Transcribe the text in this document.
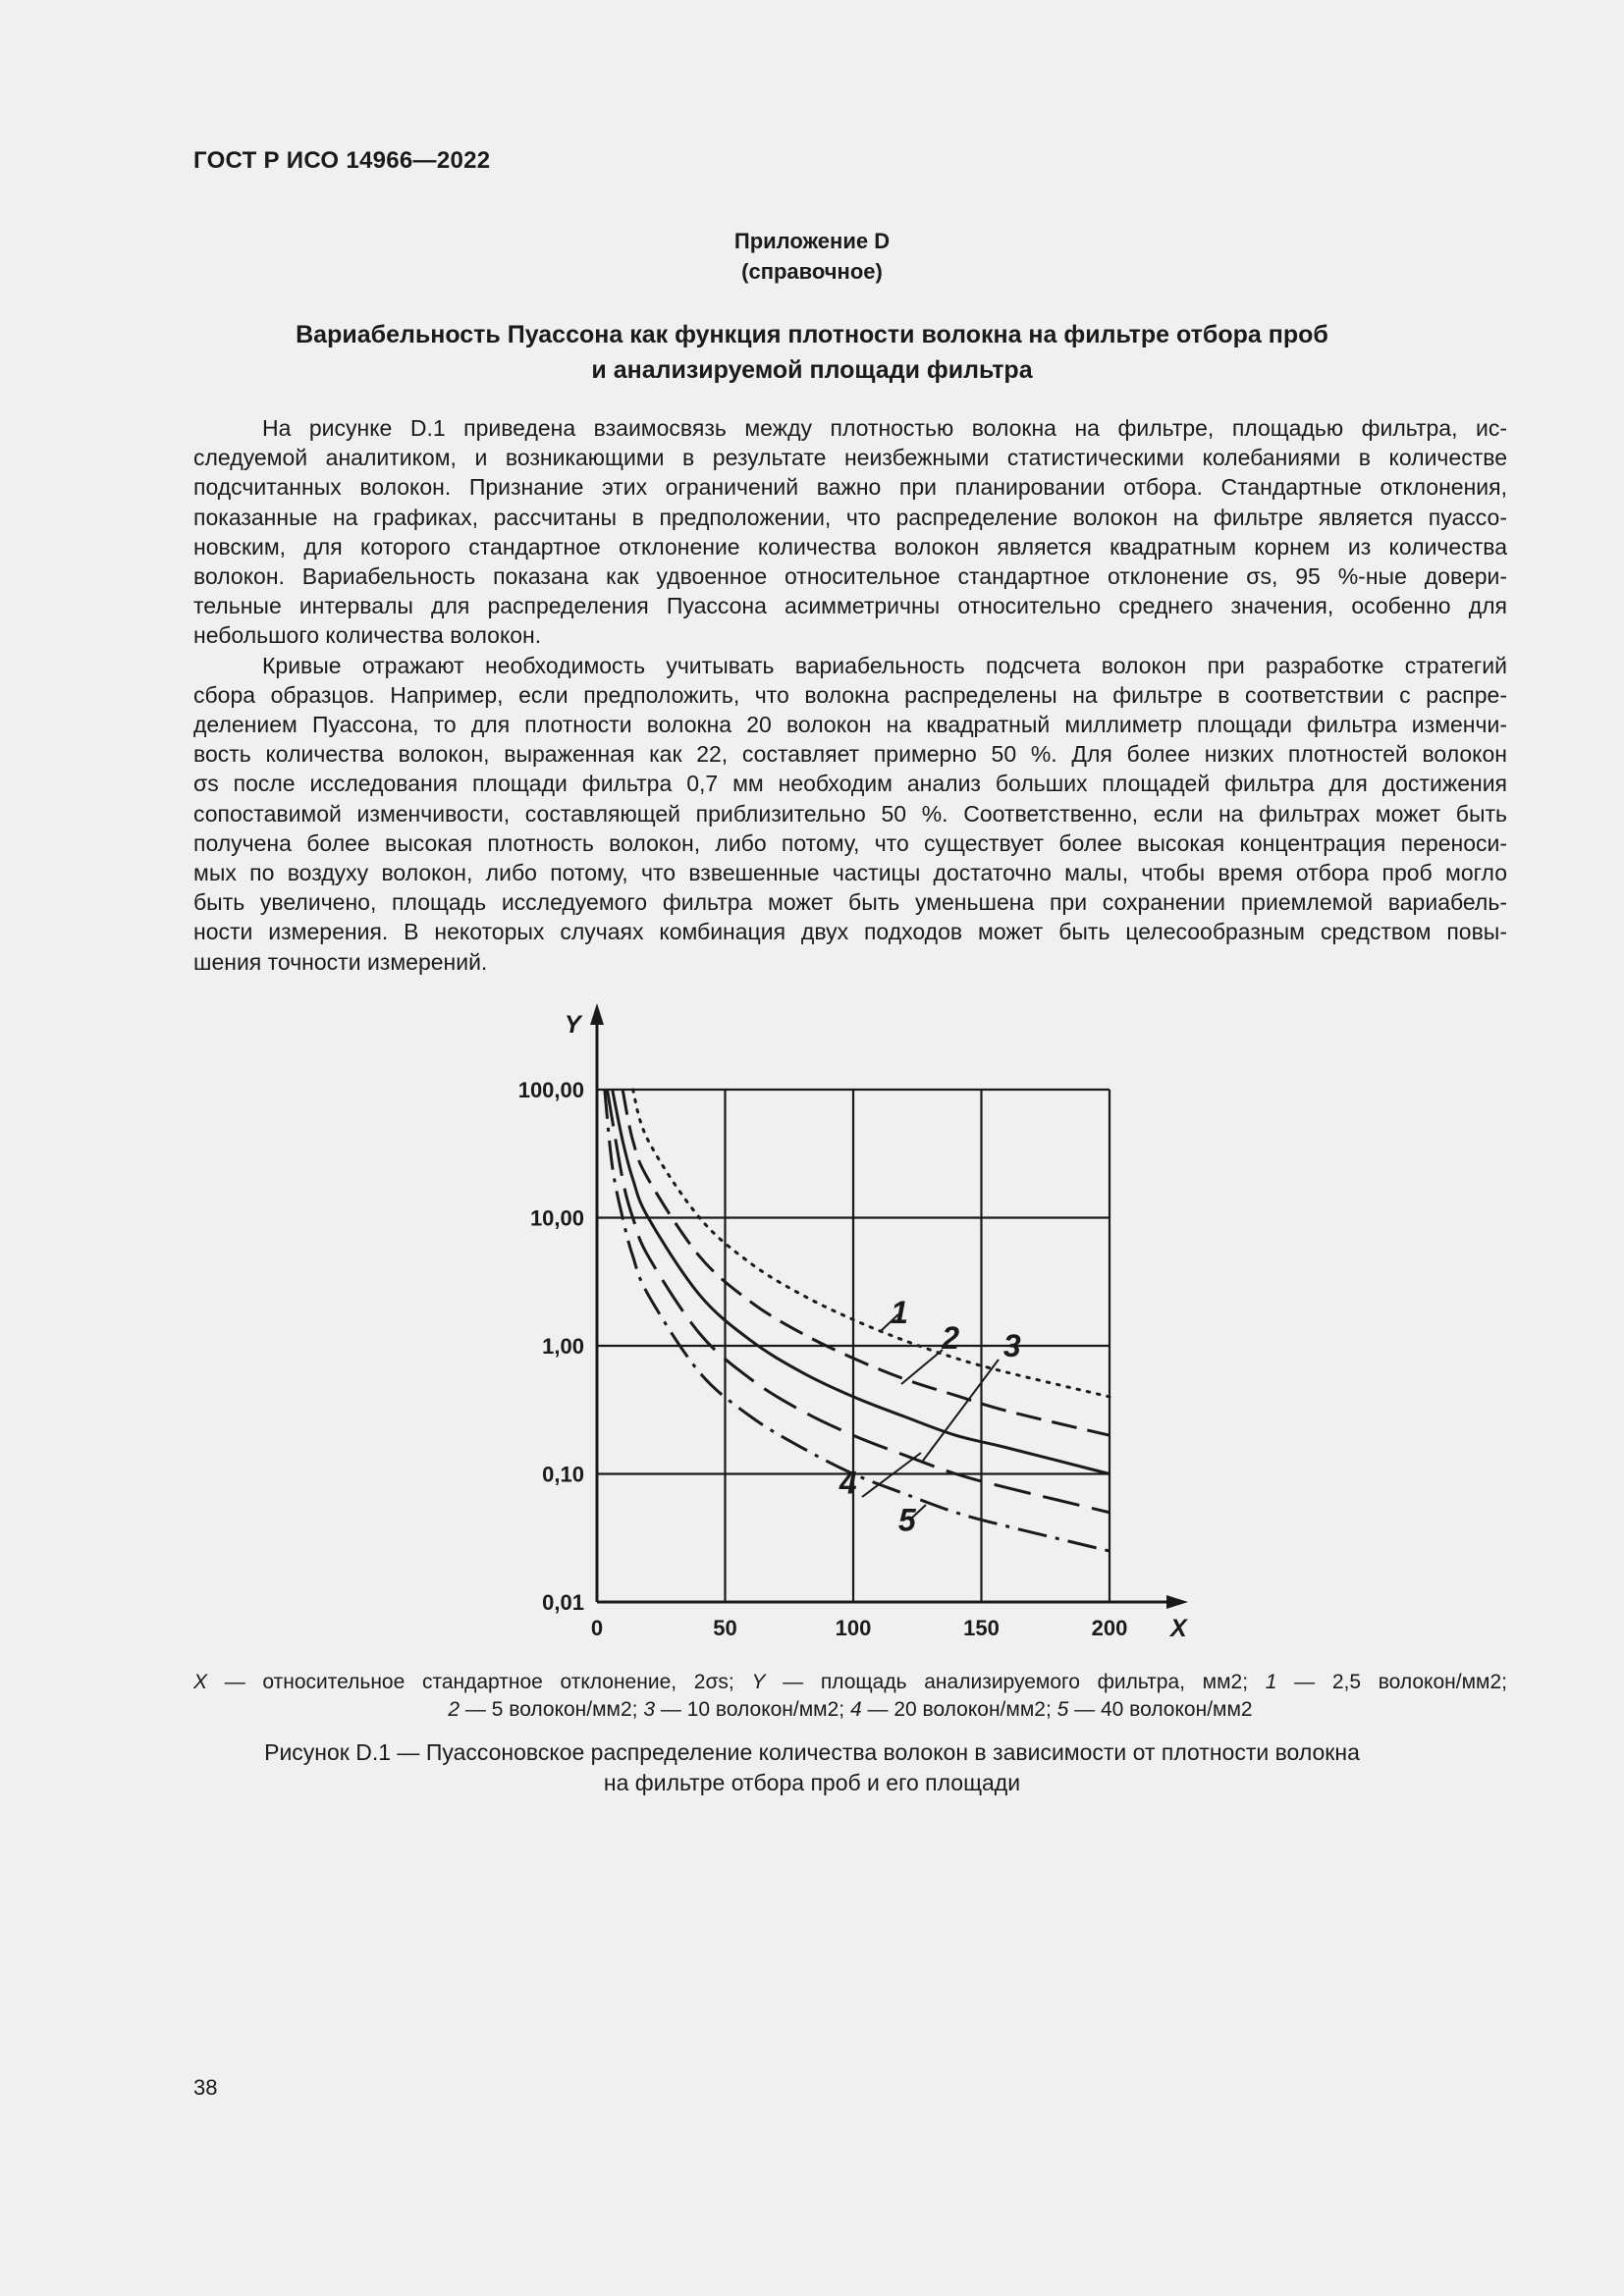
ГОСТ Р ИСО 14966—2022
Приложение D
(справочное)
Вариабельность Пуассона как функция плотности волокна на фильтре отбора проб
и анализируемой площади фильтра

На рисунке D.1 приведена взаимосвязь между плотностью волокна на фильтре, площадью фильтра, ис-
следуемой аналитиком, и возникающими в результате неизбежными статистическими колебаниями в количестве
подсчитанных волокон. Признание этих ограничений важно при планировании отбора. Стандартные отклонения,
показанные на графиках, рассчитаны в предположении, что распределение волокон на фильтре является пуассо-
новским, для которого стандартное отклонение количества волокон является квадратным корнем из количества
волокон. Вариабельность показана как удвоенное относительное стандартное отклонение σs, 95 %-ные довери-
тельные интервалы для распределения Пуассона асимметричны относительно среднего значения, особенно для
небольшого количества волокон.

Кривые отражают необходимость учитывать вариабельность подсчета волокон при разработке стратегий
сбора образцов. Например, если предположить, что волокна распределены на фильтре в соответствии с распре-
делением Пуассона, то для плотности волокна 20 волокон на квадратный миллиметр площади фильтра изменчи-
вость количества волокон, выраженная как 22, составляет примерно 50 %. Для более низких плотностей волокон
σs после исследования площади фильтра 0,7 мм необходим анализ больших площадей фильтра для достижения
сопоставимой изменчивости, составляющей приблизительно 50 %. Соответственно, если на фильтрах может быть
получена более высокая плотность волокон, либо потому, что существует более высокая концентрация переноси-
мых по воздуху волокон, либо потому, что взвешенные частицы достаточно малы, чтобы время отбора проб могло
быть увеличено, площадь исследуемого фильтра может быть уменьшена при сохранении приемлемой вариабель-
ности измерения. В некоторых случаях комбинация двух подходов может быть целесообразным средством повы-
шения точности измерений.

0	50	100	150	200
0,01
0,10
1,00
10,00
100,00
Y
X
1
2 3
4
5
X — относительное стандартное отклонение, 2σs; Y — площадь анализируемого фильтра, мм2; 1 — 2,5 волокон/мм2;
2 — 5 волокон/мм2; 3 — 10 волокон/мм2; 4 — 20 волокон/мм2; 5 — 40 волокон/мм2
Рисунок D.1 — Пуассоновское распределение количества волокон в зависимости от плотности волокна
на фильтре отбора проб и его площади
38
